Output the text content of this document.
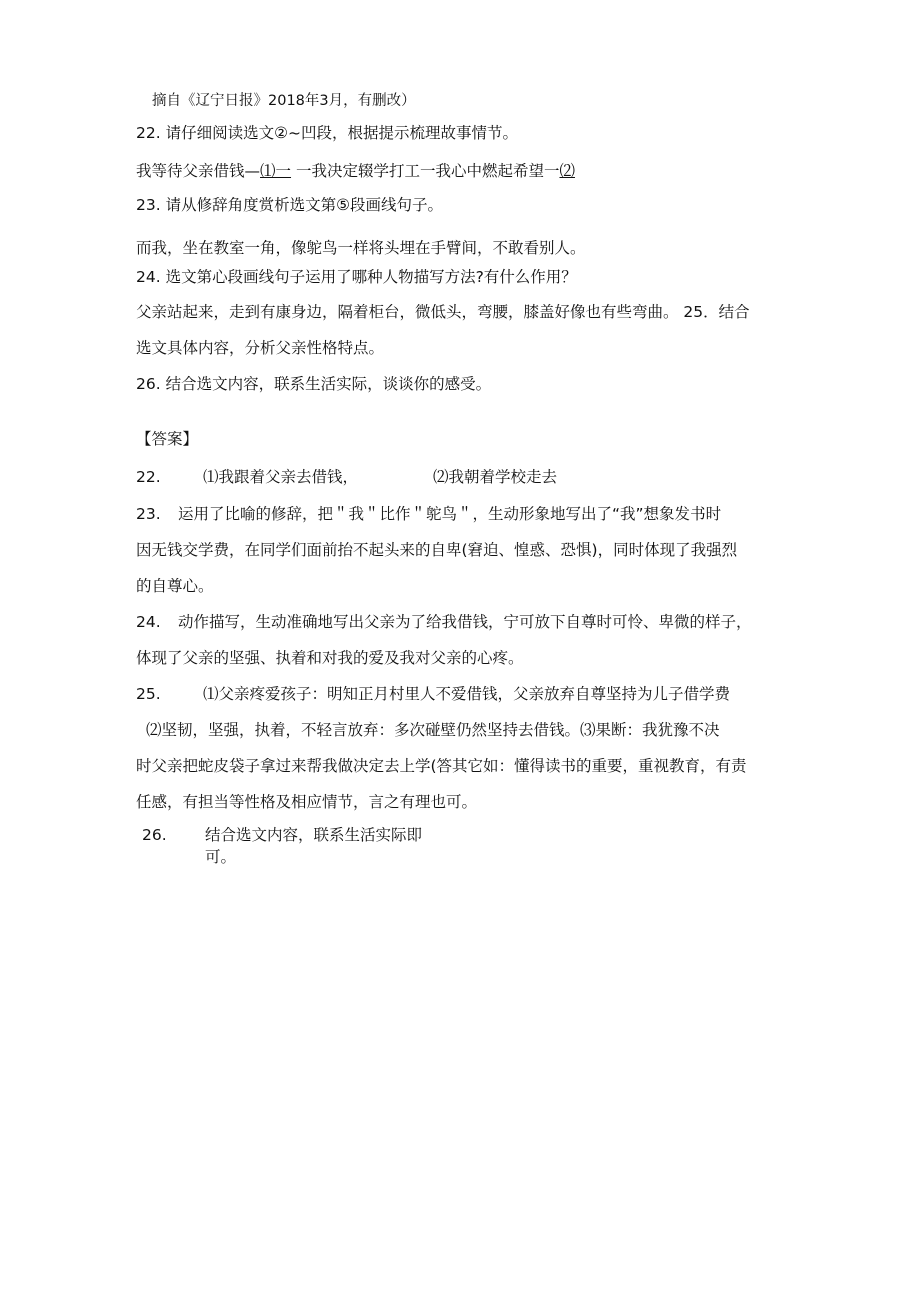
摘自《辽宁日报》2018年3月，有删改）
22. 请仔细阅读选文②~凹段，根据提示梳理故事情节。
我等待父亲借钱—⑴一 一我决定辍学打工一我心中燃起希望一⑵
23. 请从修辞角度赏析选文第⑤段画线句子。
而我，坐在教室一角，像鸵鸟一样将头埋在手臂间，不敢看别人。
24. 选文第心段画线句子运用了哪种人物描写方法?有什么作用？
父亲站起来，走到有康身边，隔着柜台，微低头，弯腰，膝盖好像也有些弯曲。 25．结合
选文具体内容，分析父亲性格特点。
26. 结合选文内容，联系生活实际，谈谈你的感受。
【答案】
22.	⑴我跟着父亲去借钱，	⑵我朝着学校走去
23. 运用了比喻的修辞，把＂我＂比作＂鸵鸟＂，生动形象地写出了“我”想象发书时
因无钱交学费，在同学们面前抬不起头来的自卑(窘迫、惶惑、恐惧)，同时体现了我强烈
的自尊心。
24. 动作描写，生动准确地写出父亲为了给我借钱，宁可放下自尊时可怜、卑微的样子，
体现了父亲的坚强、执着和对我的爱及我对父亲的心疼。
25.	⑴父亲疼爱孩子：明知正月村里人不爱借钱，父亲放弃自尊坚持为儿子借学费
⑵坚韧，坚强，执着，不轻言放弃：多次碰壁仍然坚持去借钱。⑶果断：我犹豫不决
时父亲把蛇皮袋子拿过来帮我做决定去上学(答其它如：懂得读书的重要，重视教育，有责
任感，有担当等性格及相应情节，言之有理也可。
26. 结合选文内容，联系生活实际即
可。
